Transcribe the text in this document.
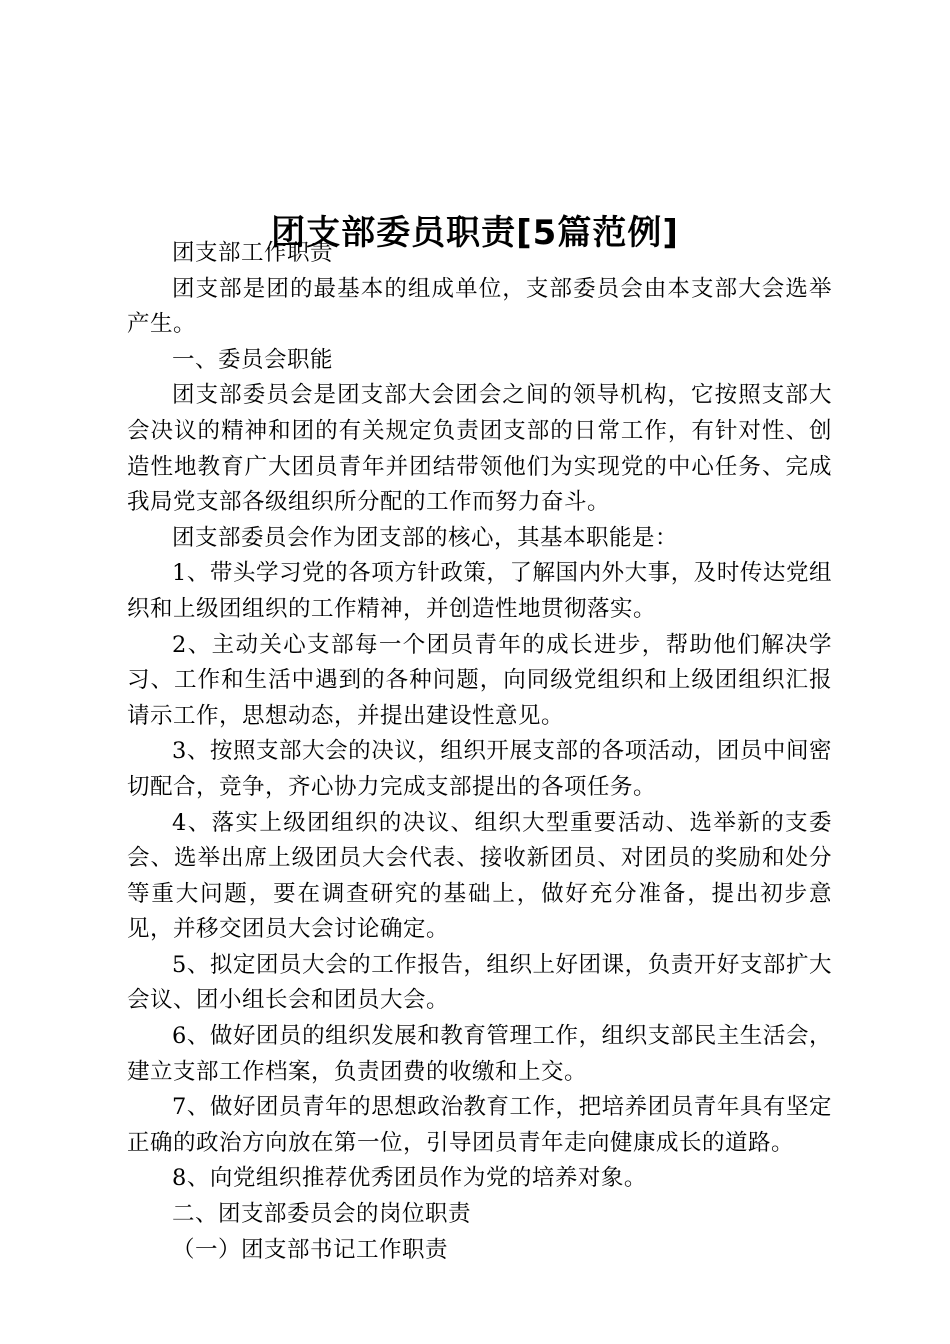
团支部委员职责[5篇范例]

团支部工作职责

团支部是团的最基本的组成单位，支部委员会由本支部大会选举产生。

一、委员会职能

团支部委员会是团支部大会团会之间的领导机构，它按照支部大会决议的精神和团的有关规定负责团支部的日常工作，有针对性、创造性地教育广大团员青年并团结带领他们为实现党的中心任务、完成我局党支部各级组织所分配的工作而努力奋斗。

团支部委员会作为团支部的核心，其基本职能是：

1、带头学习党的各项方针政策，了解国内外大事，及时传达党组织和上级团组织的工作精神，并创造性地贯彻落实。

2、主动关心支部每一个团员青年的成长进步，帮助他们解决学习、工作和生活中遇到的各种问题，向同级党组织和上级团组织汇报请示工作，思想动态，并提出建设性意见。

3、按照支部大会的决议，组织开展支部的各项活动，团员中间密切配合，竞争，齐心协力完成支部提出的各项任务。

4、落实上级团组织的决议、组织大型重要活动、选举新的支委会、选举出席上级团员大会代表、接收新团员、对团员的奖励和处分等重大问题，要在调查研究的基础上，做好充分准备，提出初步意见，并移交团员大会讨论确定。

5、拟定团员大会的工作报告，组织上好团课，负责开好支部扩大会议、团小组长会和团员大会。

6、做好团员的组织发展和教育管理工作，组织支部民主生活会，建立支部工作档案，负责团费的收缴和上交。

7、做好团员青年的思想政治教育工作，把培养团员青年具有坚定正确的政治方向放在第一位，引导团员青年走向健康成长的道路。

8、向党组织推荐优秀团员作为党的培养对象。

二、团支部委员会的岗位职责

（一）团支部书记工作职责
